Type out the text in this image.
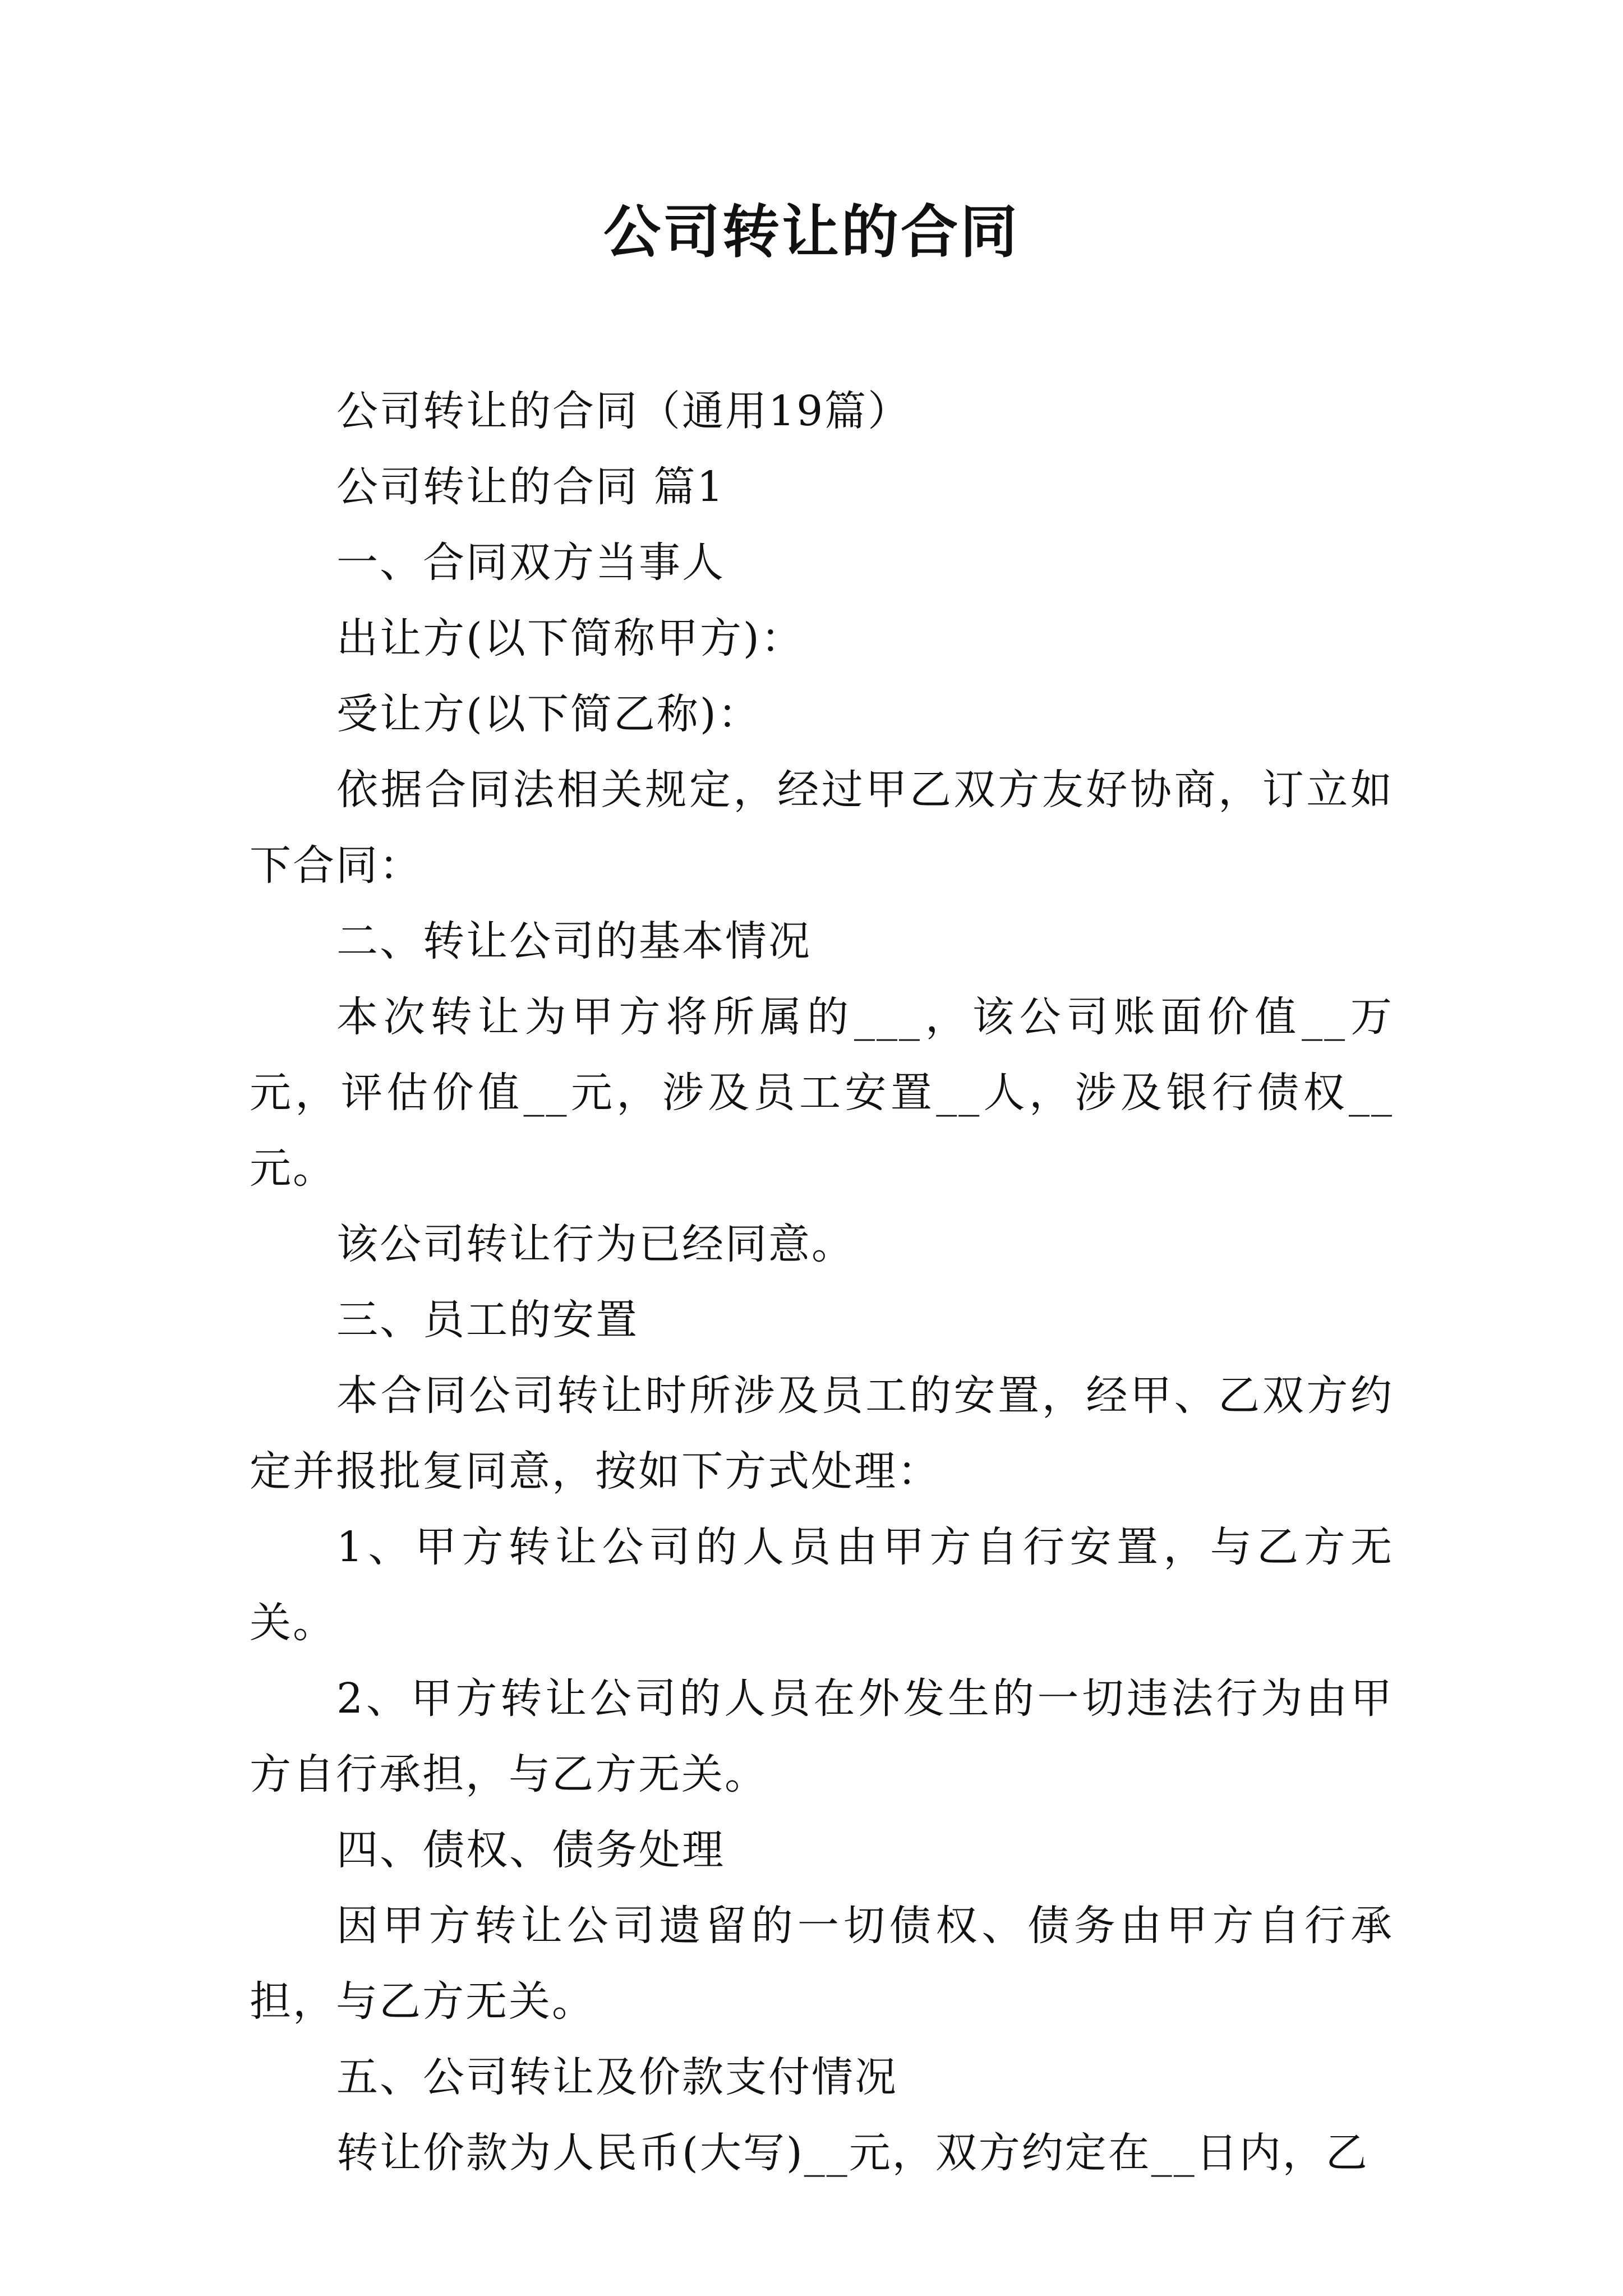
公司转让的合同

公司转让的合同（通用19篇）

公司转让的合同 篇1

一、合同双方当事人

出让方(以下简称甲方)：

受让方(以下简乙称)：

依据合同法相关规定，经过甲乙双方友好协商，订立如下合同：

二、转让公司的基本情况

本次转让为甲方将所属的___，该公司账面价值__万元，评估价值__元，涉及员工安置__人，涉及银行债权__元。

该公司转让行为已经同意。

三、员工的安置

本合同公司转让时所涉及员工的安置，经甲、乙双方约定并报批复同意，按如下方式处理：

1、甲方转让公司的人员由甲方自行安置，与乙方无关。

2、甲方转让公司的人员在外发生的一切违法行为由甲方自行承担，与乙方无关。

四、债权、债务处理

因甲方转让公司遗留的一切债权、债务由甲方自行承担，与乙方无关。

五、公司转让及价款支付情况

转让价款为人民币(大写)__元，双方约定在__日内，乙
